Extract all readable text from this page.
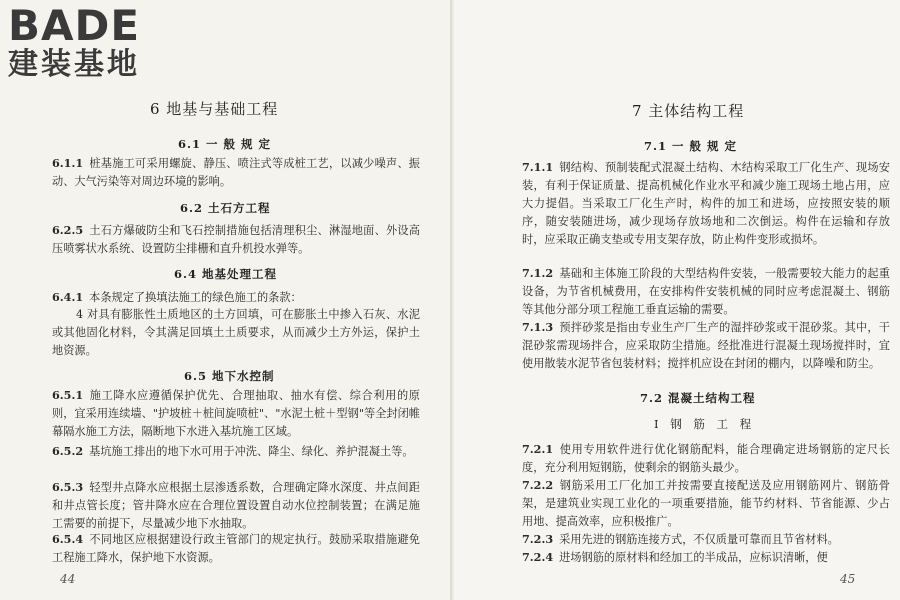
BADE
建装基地
6 地基与基础工程
6.1 一 般 规 定
6.1.1 桩基施工可采用螺旋、静压、喷注式等成桩工艺，以减少噪声、振动、大气污染等对周边环境的影响。
6.2 土石方工程
6.2.5 土石方爆破防尘和飞石控制措施包括清理积尘、淋湿地面、外设高压喷雾状水系统、设置防尘排栅和直升机投水弹等。
6.4 地基处理工程
6.4.1 本条规定了换填法施工的绿色施工的条款：
4 对具有膨胀性土质地区的土方回填，可在膨胀土中掺入石灰、水泥或其他固化材料，令其满足回填土土质要求，从而减少土方外运，保护土地资源。
6.5 地下水控制
6.5.1 施工降水应遵循保护优先、合理抽取、抽水有偿、综合利用的原则，宜采用连续墙、"护坡桩＋桩间旋喷桩"、"水泥土桩＋型钢"等全封闭帷幕隔水施工方法，隔断地下水进入基坑施工区域。
6.5.2 基坑施工排出的地下水可用于冲洗、降尘、绿化、养护混凝土等。
6.5.3 轻型井点降水应根据土层渗透系数，合理确定降水深度、井点间距和井点管长度；管井降水应在合理位置设置自动水位控制装置；在满足施工需要的前提下，尽量减少地下水抽取。
6.5.4 不同地区应根据建设行政主管部门的规定执行。鼓励采取措施避免工程施工降水，保护地下水资源。
44
7 主体结构工程
7.1 一 般 规 定
7.1.1 钢结构、预制装配式混凝土结构、木结构采取工厂化生产、现场安装，有利于保证质量、提高机械化作业水平和减少施工现场土地占用，应大力提倡。当采取工厂化生产时，构件的加工和进场，应按照安装的顺序，随安装随进场，减少现场存放场地和二次倒运。构件在运输和存放时，应采取正确支垫或专用支架存放，防止构件变形或损坏。
7.1.2 基础和主体施工阶段的大型结构件安装，一般需要较大能力的起重设备，为节省机械费用，在安排构件安装机械的同时应考虑混凝土、钢筋等其他分部分项工程施工垂直运输的需要。
7.1.3 预拌砂浆是指由专业生产厂生产的湿拌砂浆或干混砂浆。其中，干混砂浆需现场拌合，应采取防尘措施。经批准进行混凝土现场搅拌时，宜使用散装水泥节省包装材料；搅拌机应设在封闭的棚内，以降噪和防尘。
7.2 混凝土结构工程
Ⅰ 钢 筋 工 程
7.2.1 使用专用软件进行优化钢筋配料，能合理确定进场钢筋的定尺长度，充分利用短钢筋，使剩余的钢筋头最少。
7.2.2 钢筋采用工厂化加工并按需要直接配送及应用钢筋网片、钢筋骨架，是建筑业实现工业化的一项重要措施，能节约材料、节省能源、少占用地、提高效率，应积极推广。
7.2.3 采用先进的钢筋连接方式，不仅质量可靠而且节省材料。
7.2.4 进场钢筋的原材料和经加工的半成品，应标识清晰，便
45
